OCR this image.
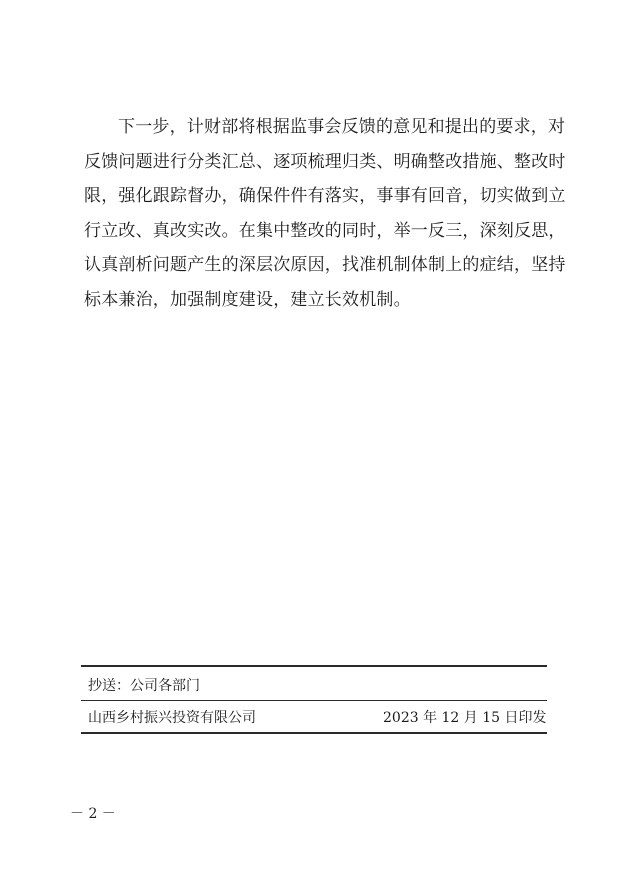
下一步，计财部将根据监事会反馈的意见和提出的要求，对
反馈问题进行分类汇总、逐项梳理归类、明确整改措施、整改时
限，强化跟踪督办，确保件件有落实，事事有回音，切实做到立
行立改、真改实改。在集中整改的同时，举一反三，深刻反思，
认真剖析问题产生的深层次原因，找准机制体制上的症结，坚持
标本兼治，加强制度建设，建立长效机制。
抄送：公司各部门
山西乡村振兴投资有限公司	2023 年 12 月 15 日印发
－ 2 －
